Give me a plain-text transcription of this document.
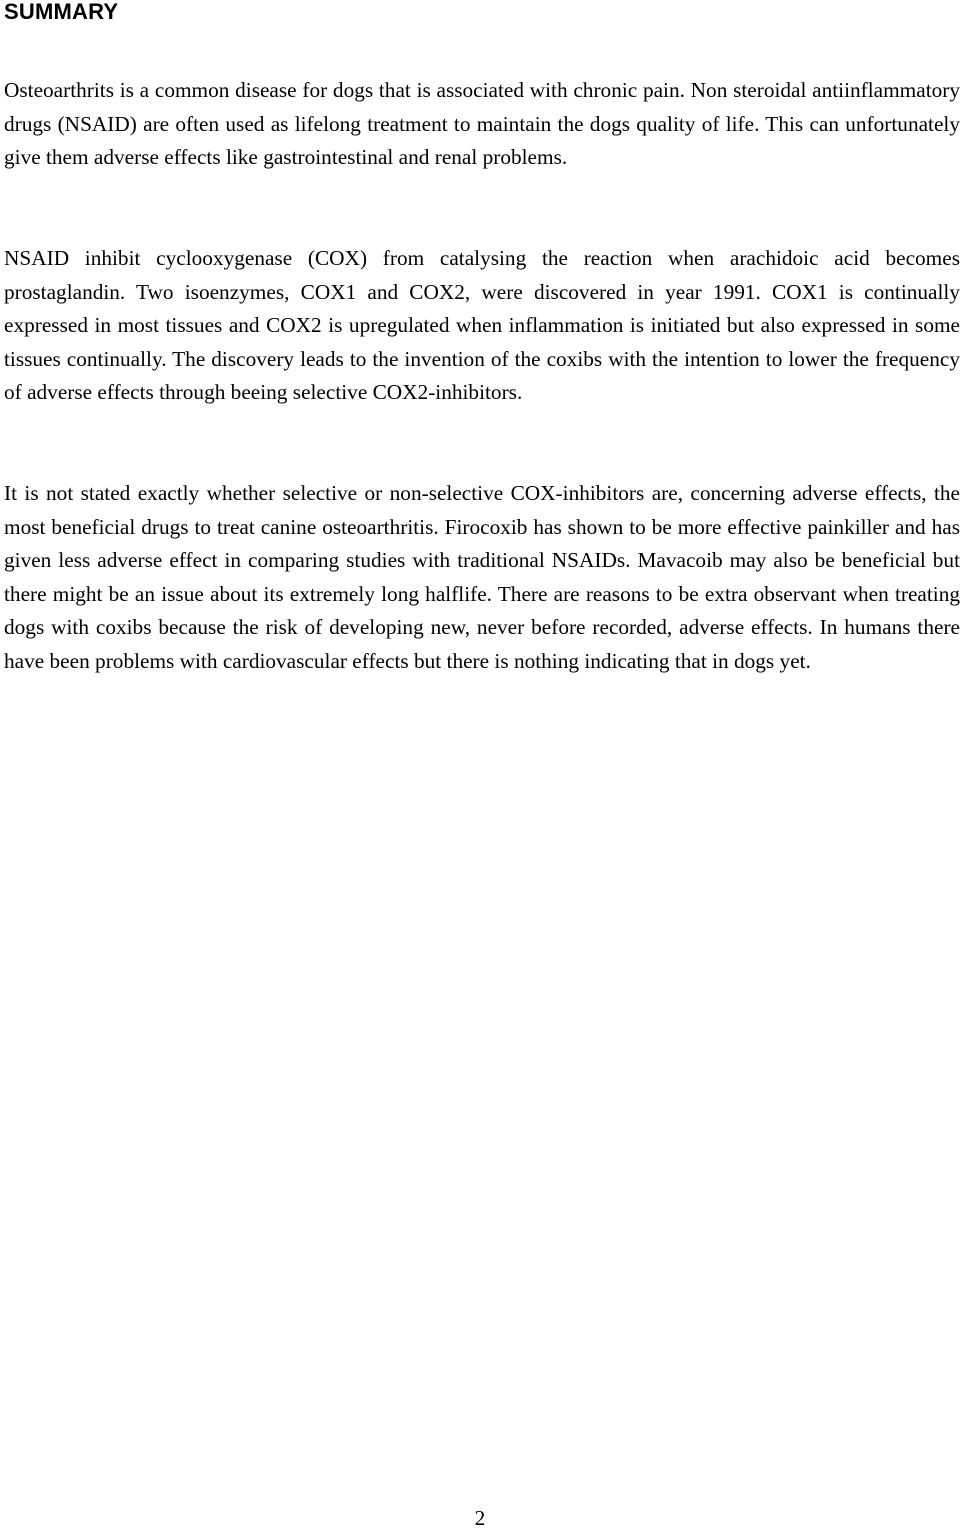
SUMMARY

Osteoarthrits is a common disease for dogs that is associated with chronic pain. Non steroidal antiinflammatory drugs (NSAID) are often used as lifelong treatment to maintain the dogs quality of life. This can unfortunately give them adverse effects like gastrointestinal and renal problems.

NSAID inhibit cyclooxygenase (COX) from catalysing the reaction when arachidoic acid becomes prostaglandin. Two isoenzymes, COX1 and COX2, were discovered in year 1991. COX1 is continually expressed in most tissues and COX2 is upregulated when inflammation is initiated but also expressed in some tissues continually. The discovery leads to the invention of the coxibs with the intention to lower the frequency of adverse effects through beeing selective COX2-inhibitors.

It is not stated exactly whether selective or non-selective COX-inhibitors are, concerning adverse effects, the most beneficial drugs to treat canine osteoarthritis. Firocoxib has shown to be more effective painkiller and has given less adverse effect in comparing studies with traditional NSAIDs. Mavacoib may also be beneficial but there might be an issue about its extremely long halflife. There are reasons to be extra observant when treating dogs with coxibs because the risk of developing new, never before recorded, adverse effects. In humans there have been problems with cardiovascular effects but there is nothing indicating that in dogs yet.

2
